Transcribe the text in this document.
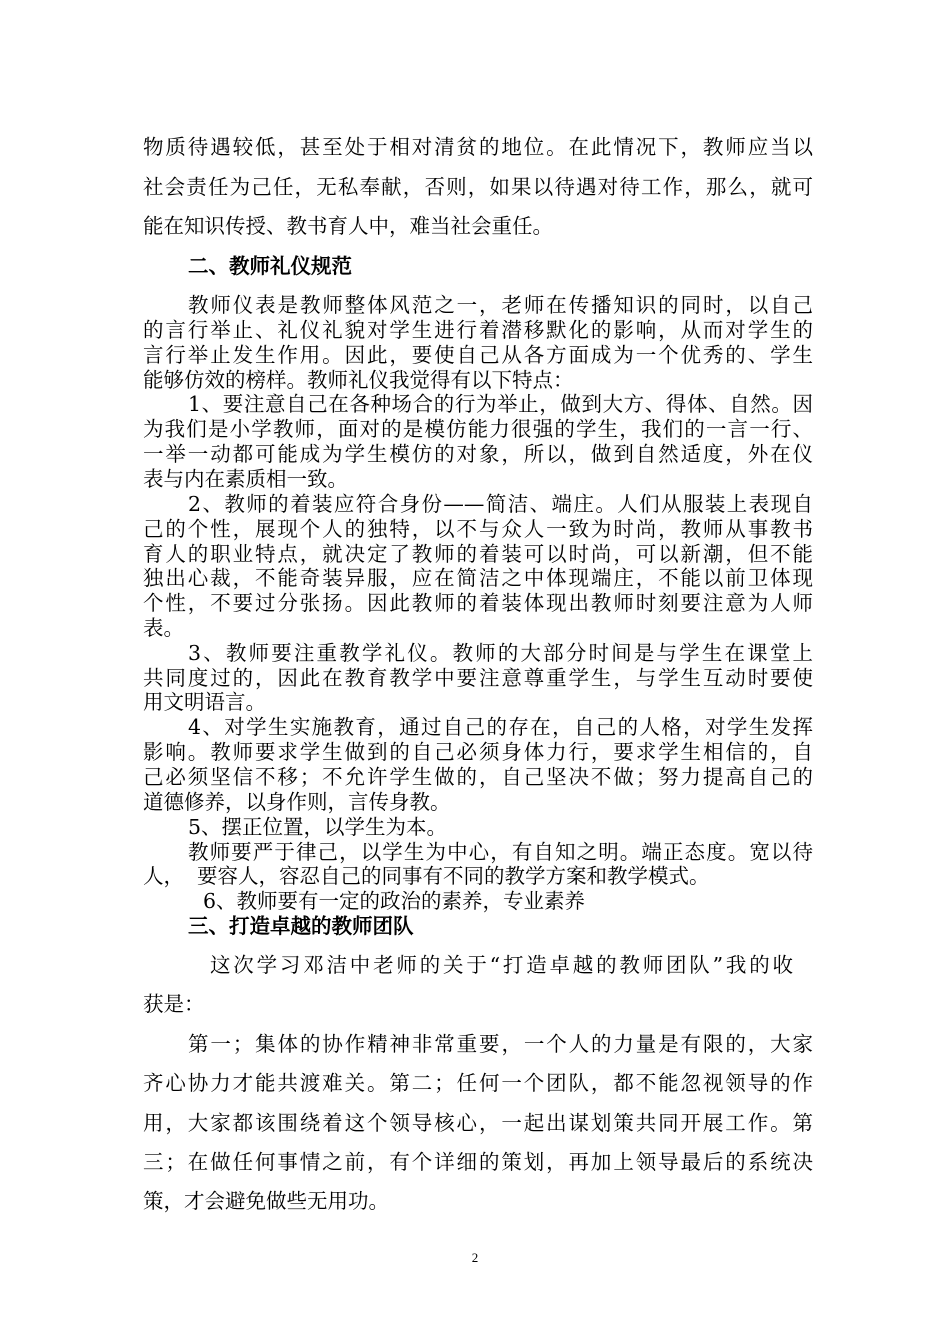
物质待遇较低，甚至处于相对清贫的地位。在此情况下，教师应当以
社会责任为己任，无私奉献，否则，如果以待遇对待工作，那么，就可
能在知识传授、教书育人中，难当社会重任。
二、教师礼仪规范
教师仪表是教师整体风范之一，老师在传播知识的同时，以自己
的言行举止、礼仪礼貌对学生进行着潜移默化的影响，从而对学生的
言行举止发生作用。因此，要使自己从各方面成为一个优秀的、学生
能够仿效的榜样。教师礼仪我觉得有以下特点：
1、要注意自己在各种场合的行为举止，做到大方、得体、自然。因
为我们是小学教师，面对的是模仿能力很强的学生，我们的一言一行、
一举一动都可能成为学生模仿的对象，所以，做到自然适度，外在仪
表与内在素质相一致。
2、教师的着装应符合身份——简洁、端庄。人们从服装上表现自
己的个性，展现个人的独特，以不与众人一致为时尚，教师从事教书
育人的职业特点，就决定了教师的着装可以时尚，可以新潮，但不能
独出心裁，不能奇装异服，应在简洁之中体现端庄，不能以前卫体现
个性，不要过分张扬。因此教师的着装体现出教师时刻要注意为人师
表。
3、教师要注重教学礼仪。教师的大部分时间是与学生在课堂上
共同度过的，因此在教育教学中要注意尊重学生，与学生互动时要使
用文明语言。
4、对学生实施教育，通过自己的存在，自己的人格，对学生发挥
影响。教师要求学生做到的自己必须身体力行，要求学生相信的，自
己必须坚信不移；不允许学生做的，自己坚决不做；努力提高自己的
道德修养，以身作则，言传身教。
5、摆正位置，以学生为本。
教师要严于律己，以学生为中心，有自知之明。端正态度。宽以待
人，  要容人，容忍自己的同事有不同的教学方案和教学模式。
6、教师要有一定的政治的素养，专业素养
三、打造卓越的教师团队
这次学习邓洁中老师的关于“打造卓越的教师团队”我的收
获是：
第一；集体的协作精神非常重要，一个人的力量是有限的，大家
齐心协力才能共渡难关。第二；任何一个团队，都不能忽视领导的作
用，大家都该围绕着这个领导核心，一起出谋划策共同开展工作。第
三；在做任何事情之前，有个详细的策划，再加上领导最后的系统决
策，才会避免做些无用功。
2
